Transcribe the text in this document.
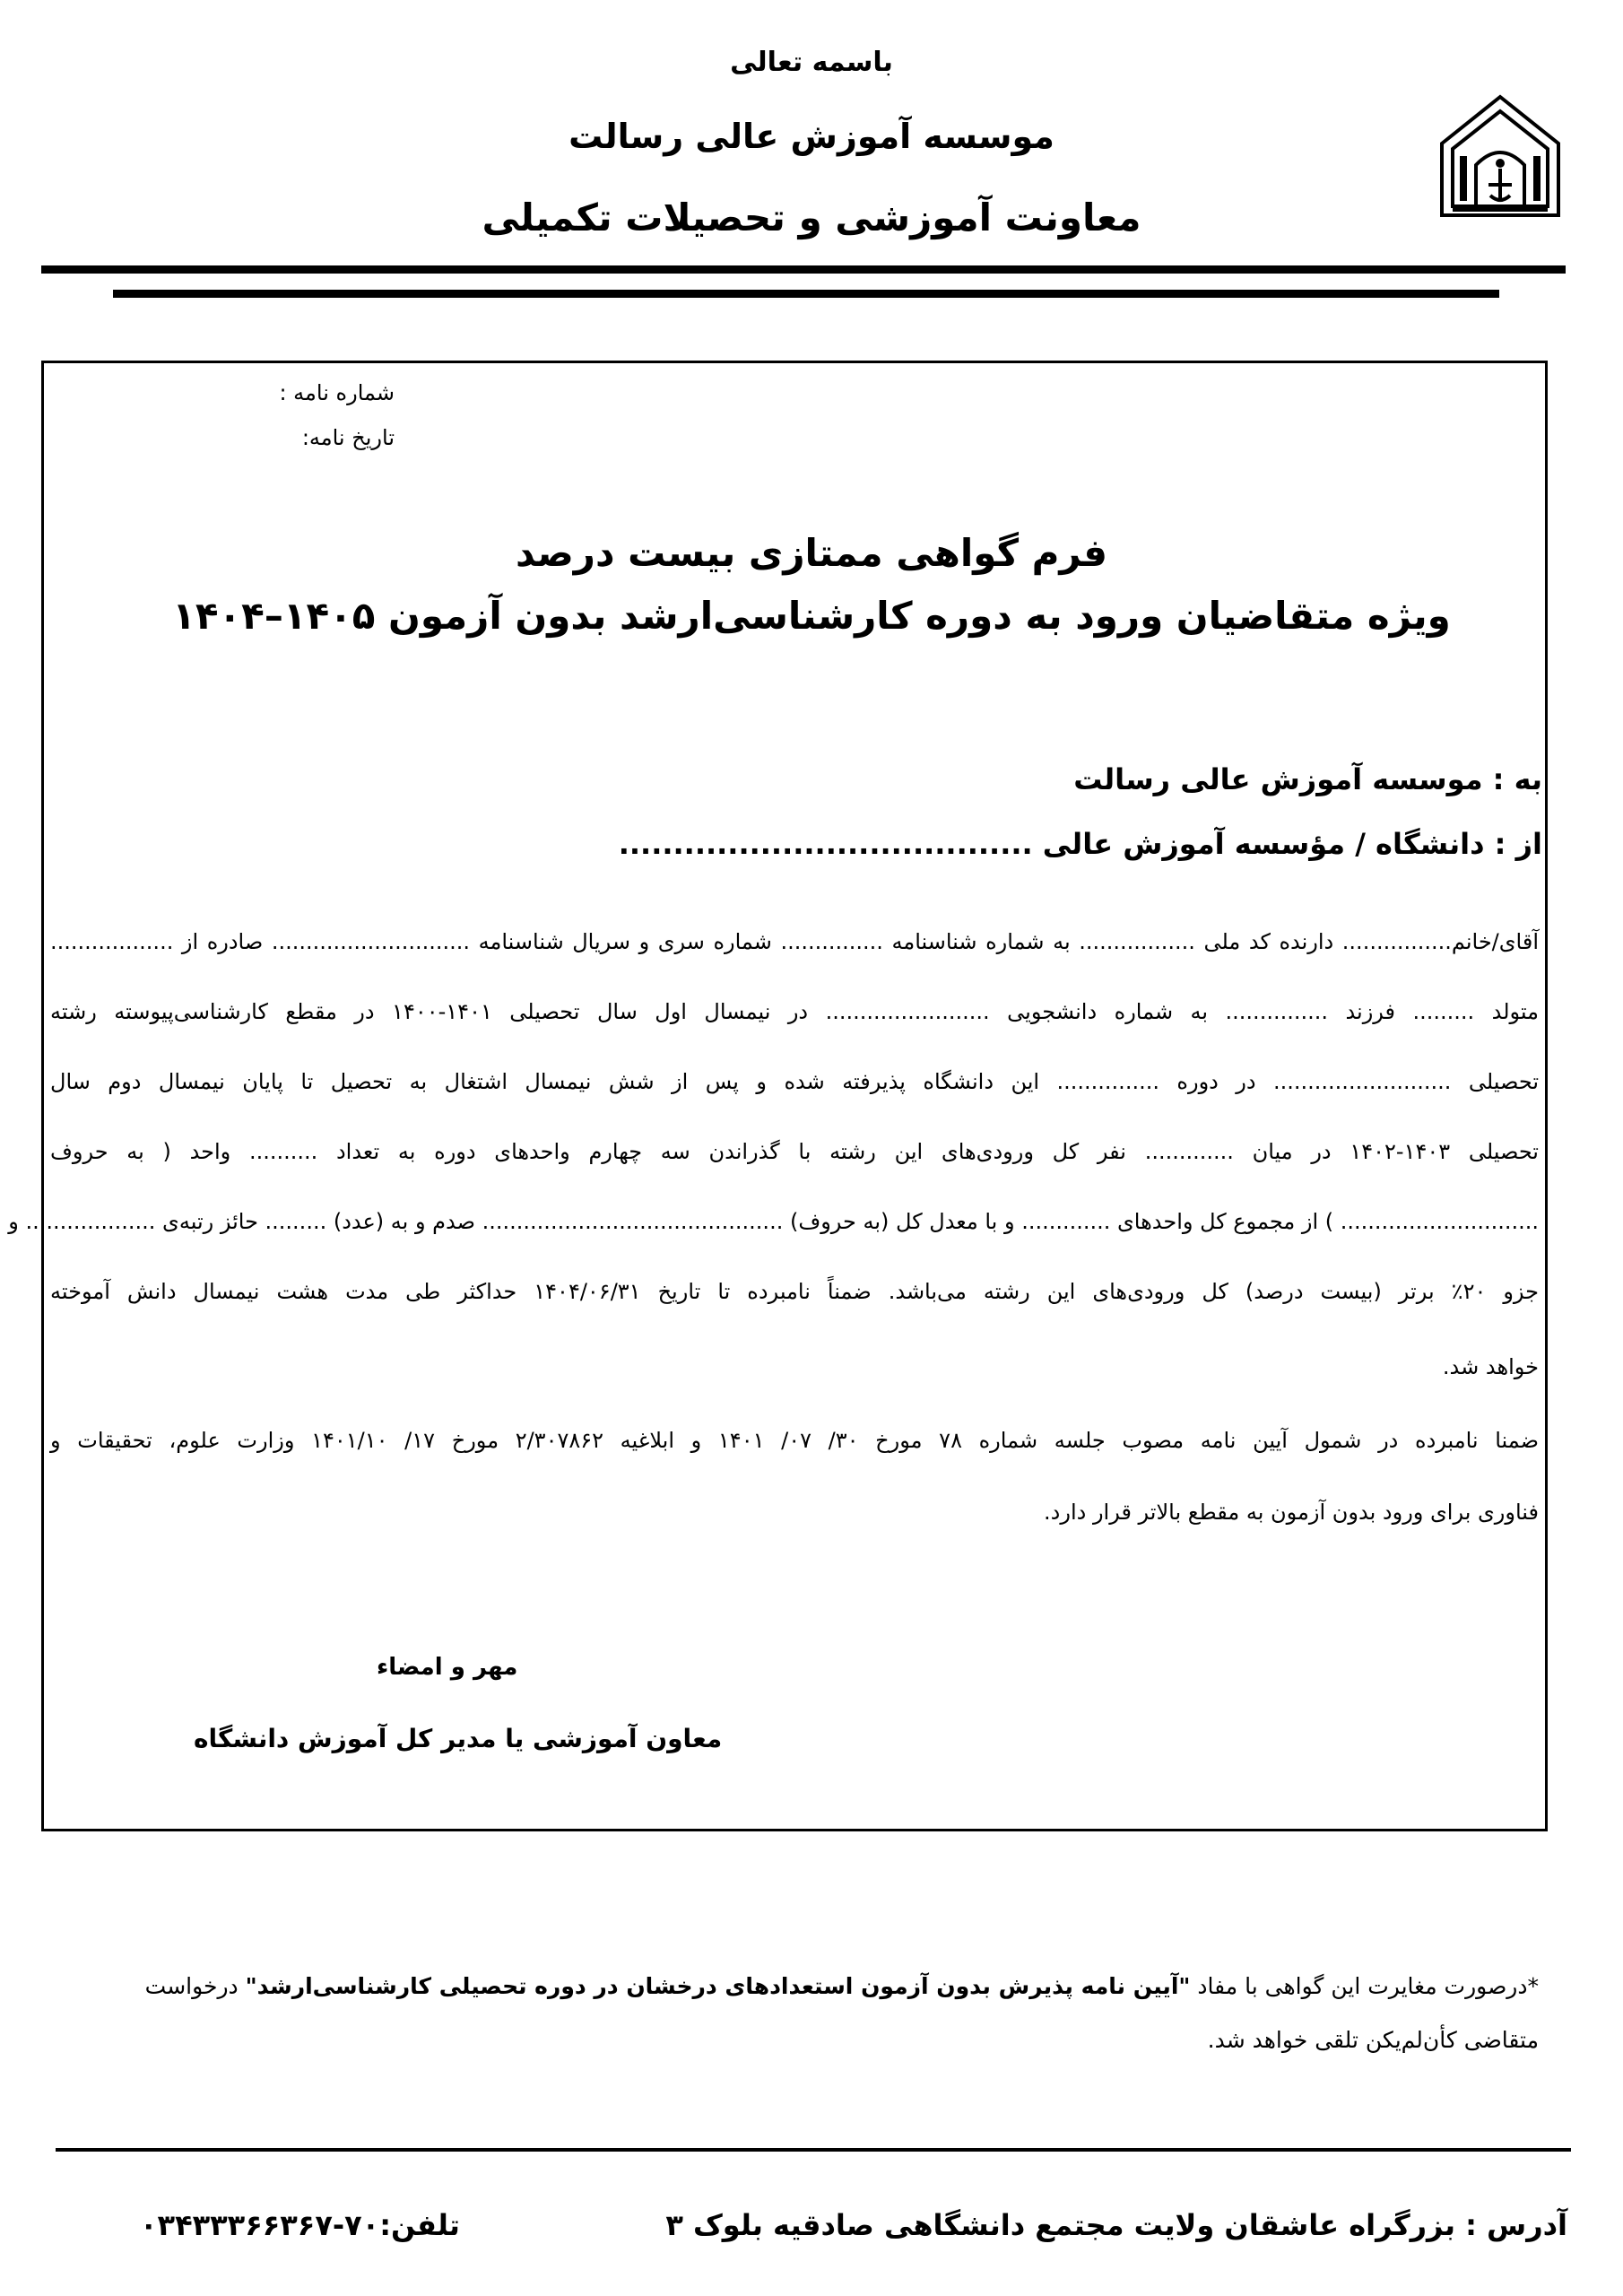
باسمه تعالی
موسسه آموزش عالی رسالت
معاونت آموزشی و تحصیلات تکمیلی
شماره نامه :
تاریخ نامه:
فرم گواهی ممتازی بیست درصد
ویژه متقاضیان ورود به دوره کارشناسی‌ارشد بدون آزمون ۱۴۰۵–۱۴۰۴
به : موسسه آموزش عالی رسالت
از : دانشگاه / مؤسسه آموزش عالی ......................................
آقای/خانم................ دارنده کد ملی ................. به شماره شناسنامه ............... شماره سری و سریال شناسنامه ............................. صادره از ..................
متولد ......... فرزند ............... به شماره دانشجویی ........................ در نیمسال اول سال تحصیلی ۱۴۰۱-۱۴۰۰ در مقطع کارشناسی‌پیوسته رشته
تحصیلی .......................... در دوره ............... این دانشگاه پذیرفته شده و پس از شش نیمسال اشتغال به تحصیل تا پایان نیمسال دوم سال
تحصیلی ۱۴۰۳-۱۴۰۲ در میان ............. نفر کل ورودی‌های این رشته با گذراندن سه چهارم واحدهای دوره به تعداد .......... واحد ( به حروف
............................. ) از مجموع کل واحدهای ............. و با معدل کل (به حروف) ............................................ صدم و به (عدد) ......... حائز رتبه‌ی ................... و
جزو ۲۰٪ برتر (بیست درصد) کل ورودی‌های این رشته می‌باشد. ضمناً نامبرده تا تاریخ ۱۴۰۴/۰۶/۳۱ حداکثر طی مدت هشت نیمسال دانش آموخته
خواهد شد.
ضمنا نامبرده در شمول آیین نامه مصوب جلسه شماره ۷۸ مورخ ۳۰/ ۰۷/ ۱۴۰۱ و ابلاغیه ۲/۳۰۷۸۶۲ مورخ ۱۷/ ۱۴۰۱/۱۰ وزارت علوم، تحقیقات و
فناوری برای ورود بدون آزمون به مقطع بالاتر قرار دارد.
مهر و امضاء
معاون آموزشی یا مدیر کل آموزش دانشگاه
*درصورت مغایرت این گواهی با مفاد "آیین نامه پذیرش بدون آزمون استعدادهای درخشان در دوره تحصیلی کارشناسی‌ارشد" درخواست
متقاضی کأن‌لم‌یکن تلقی خواهد شد.
آدرس : بزرگراه عاشقان ولایت مجتمع دانشگاهی صادقیه بلوک ۳
تلفن:۷۰-۰۳۴۳۳۳۶۶۳۶۷
